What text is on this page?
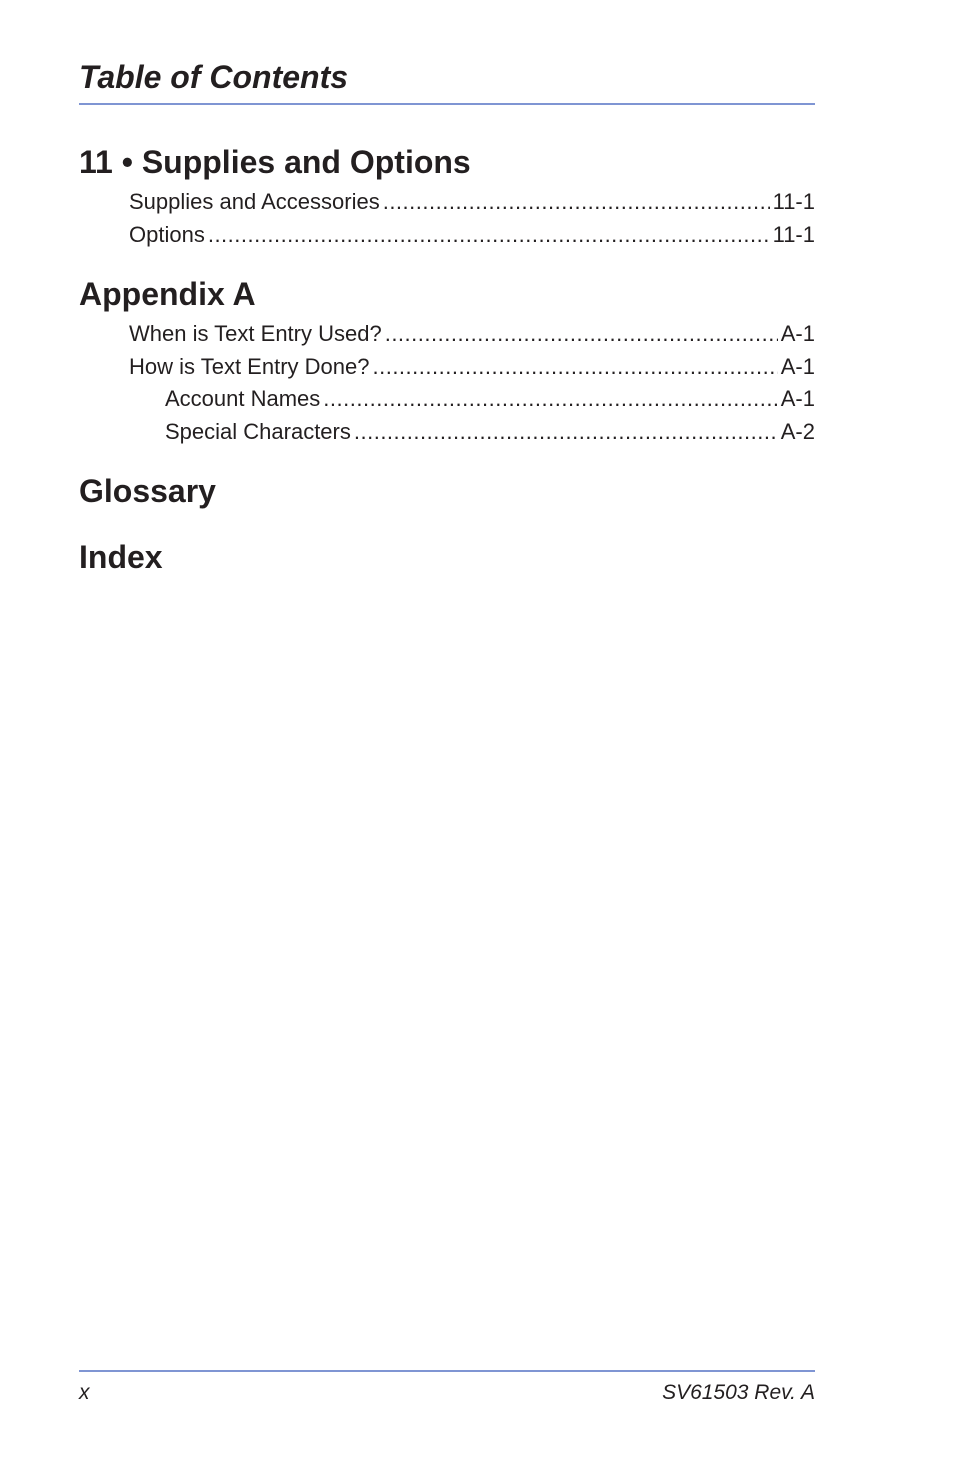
Table of Contents
11 • Supplies and Options
Supplies and Accessories .....	11-1
Options .....	11-1
Appendix A
When is Text Entry Used? .....	A-1
How is Text Entry Done? .....	A-1
Account Names .....	A-1
Special Characters .....	A-2
Glossary
Index
x	SV61503 Rev. A
